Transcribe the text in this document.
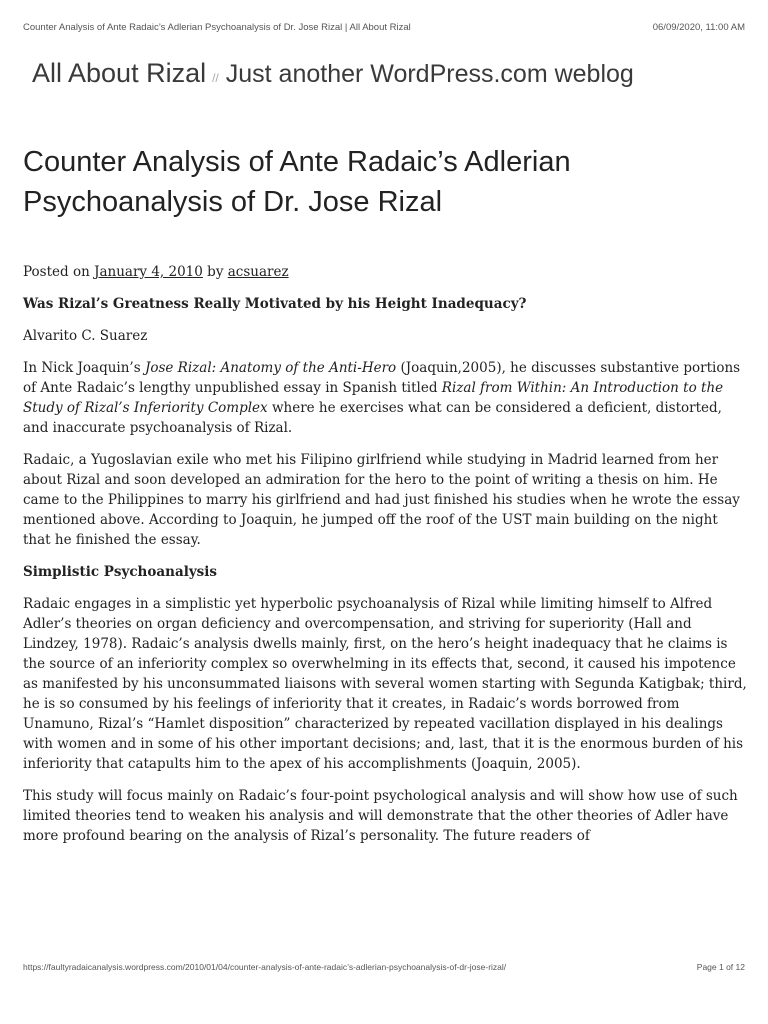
Counter Analysis of Ante Radaic’s Adlerian Psychoanalysis of Dr. Jose Rizal | All About Rizal	06/09/2020, 11:00 AM
All About Rizal // Just another WordPress.com weblog
Counter Analysis of Ante Radaic’s Adlerian Psychoanalysis of Dr. Jose Rizal

Posted on January 4, 2010 by acsuarez

Was Rizal’s Greatness Really Motivated by his Height Inadequacy?

Alvarito C. Suarez

In Nick Joaquin’s Jose Rizal: Anatomy of the Anti-Hero (Joaquin,2005), he discusses substantive portions of Ante Radaic’s lengthy unpublished essay in Spanish titled Rizal from Within: An Introduction to the Study of Rizal’s Inferiority Complex where he exercises what can be considered a deficient, distorted, and inaccurate psychoanalysis of Rizal.

Radaic, a Yugoslavian exile who met his Filipino girlfriend while studying in Madrid learned from her about Rizal and soon developed an admiration for the hero to the point of writing a thesis on him. He came to the Philippines to marry his girlfriend and had just finished his studies when he wrote the essay mentioned above. According to Joaquin, he jumped off the roof of the UST main building on the night that he finished the essay.

Simplistic Psychoanalysis

Radaic engages in a simplistic yet hyperbolic psychoanalysis of Rizal while limiting himself to Alfred Adler’s theories on organ deficiency and overcompensation, and striving for superiority (Hall and Lindzey, 1978). Radaic’s analysis dwells mainly, first, on the hero’s height inadequacy that he claims is the source of an inferiority complex so overwhelming in its effects that, second, it caused his impotence as manifested by his unconsummated liaisons with several women starting with Segunda Katigbak; third, he is so consumed by his feelings of inferiority that it creates, in Radaic’s words borrowed from Unamuno, Rizal’s “Hamlet disposition” characterized by repeated vacillation displayed in his dealings with women and in some of his other important decisions; and, last, that it is the enormous burden of his inferiority that catapults him to the apex of his accomplishments (Joaquin, 2005).

This study will focus mainly on Radaic’s four-point psychological analysis and will show how use of such limited theories tend to weaken his analysis and will demonstrate that the other theories of Adler have more profound bearing on the analysis of Rizal’s personality. The future readers of

https://faultyradaicanalysis.wordpress.com/2010/01/04/counter-analysis-of-ante-radaic’s-adlerian-psychoanalysis-of-dr-jose-rizal/	Page 1 of 12
